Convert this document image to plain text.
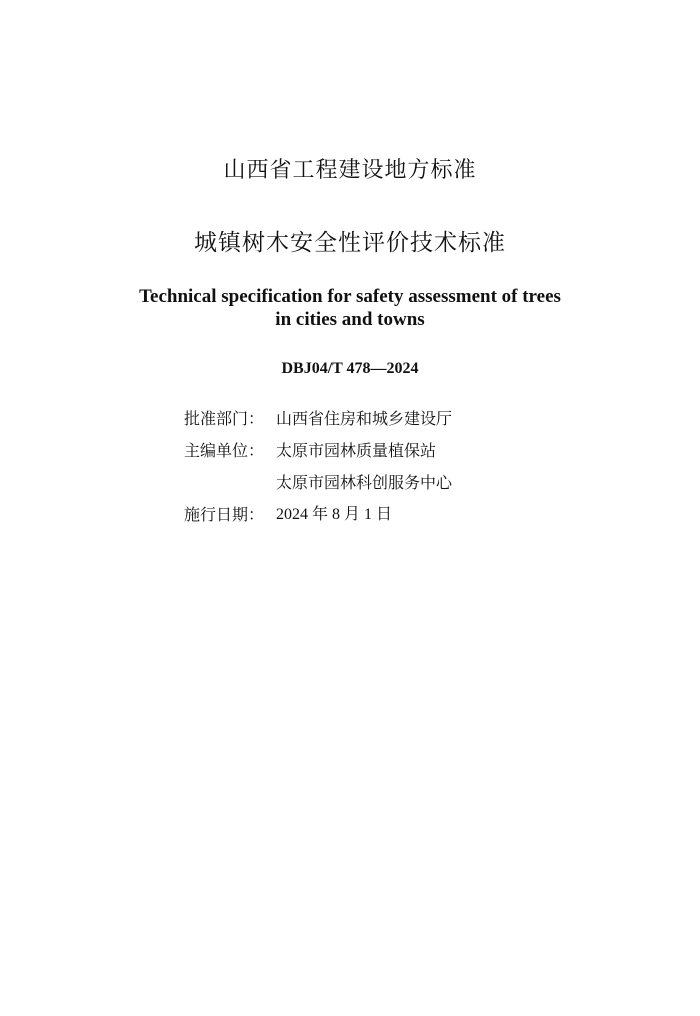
山西省工程建设地方标准
城镇树木安全性评价技术标准
Technical specification for safety assessment of trees
in cities and towns
DBJ04/T 478—2024
批准部门： 山西省住房和城乡建设厅
主编单位： 太原市园林质量植保站
太原市园林科创服务中心
施行日期： 2024 年 8 月 1 日
